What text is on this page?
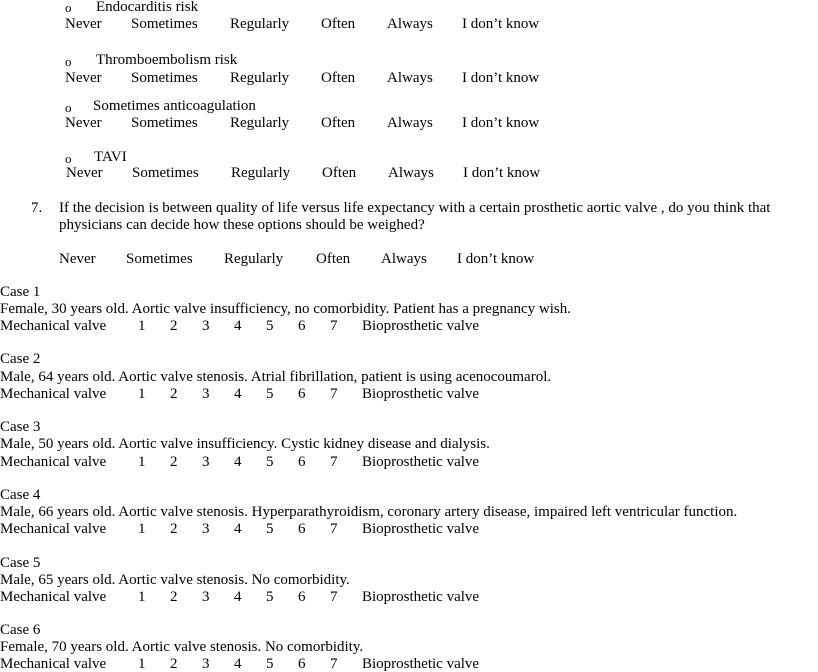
o Endocarditis risk
Never Sometimes Regularly Often Always I don’t know
o Thromboembolism risk
Never Sometimes Regularly Often Always I don’t know
o Sometimes anticoagulation
Never Sometimes Regularly Often Always I don’t know
o TAVI
Never Sometimes Regularly Often Always I don’t know
7. If the decision is between quality of life versus life expectancy with a certain prosthetic aortic valve , do you think that
physicians can decide how these options should be weighed?
Never Sometimes Regularly Often Always I don’t know
Case 1
Female, 30 years old. Aortic valve insufficiency, no comorbidity. Patient has a pregnancy wish.
Mechanical valve 1 2 3 4 5 6 7 Bioprosthetic valve
Case 2
Male, 64 years old. Aortic valve stenosis. Atrial fibrillation, patient is using acenocoumarol.
Mechanical valve 1 2 3 4 5 6 7 Bioprosthetic valve
Case 3
Male, 50 years old. Aortic valve insufficiency. Cystic kidney disease and dialysis.
Mechanical valve 1 2 3 4 5 6 7 Bioprosthetic valve
Case 4
Male, 66 years old. Aortic valve stenosis. Hyperparathyroidism, coronary artery disease, impaired left ventricular function.
Mechanical valve 1 2 3 4 5 6 7 Bioprosthetic valve
Case 5
Male, 65 years old. Aortic valve stenosis. No comorbidity.
Mechanical valve 1 2 3 4 5 6 7 Bioprosthetic valve
Case 6
Female, 70 years old. Aortic valve stenosis. No comorbidity.
Mechanical valve 1 2 3 4 5 6 7 Bioprosthetic valve
